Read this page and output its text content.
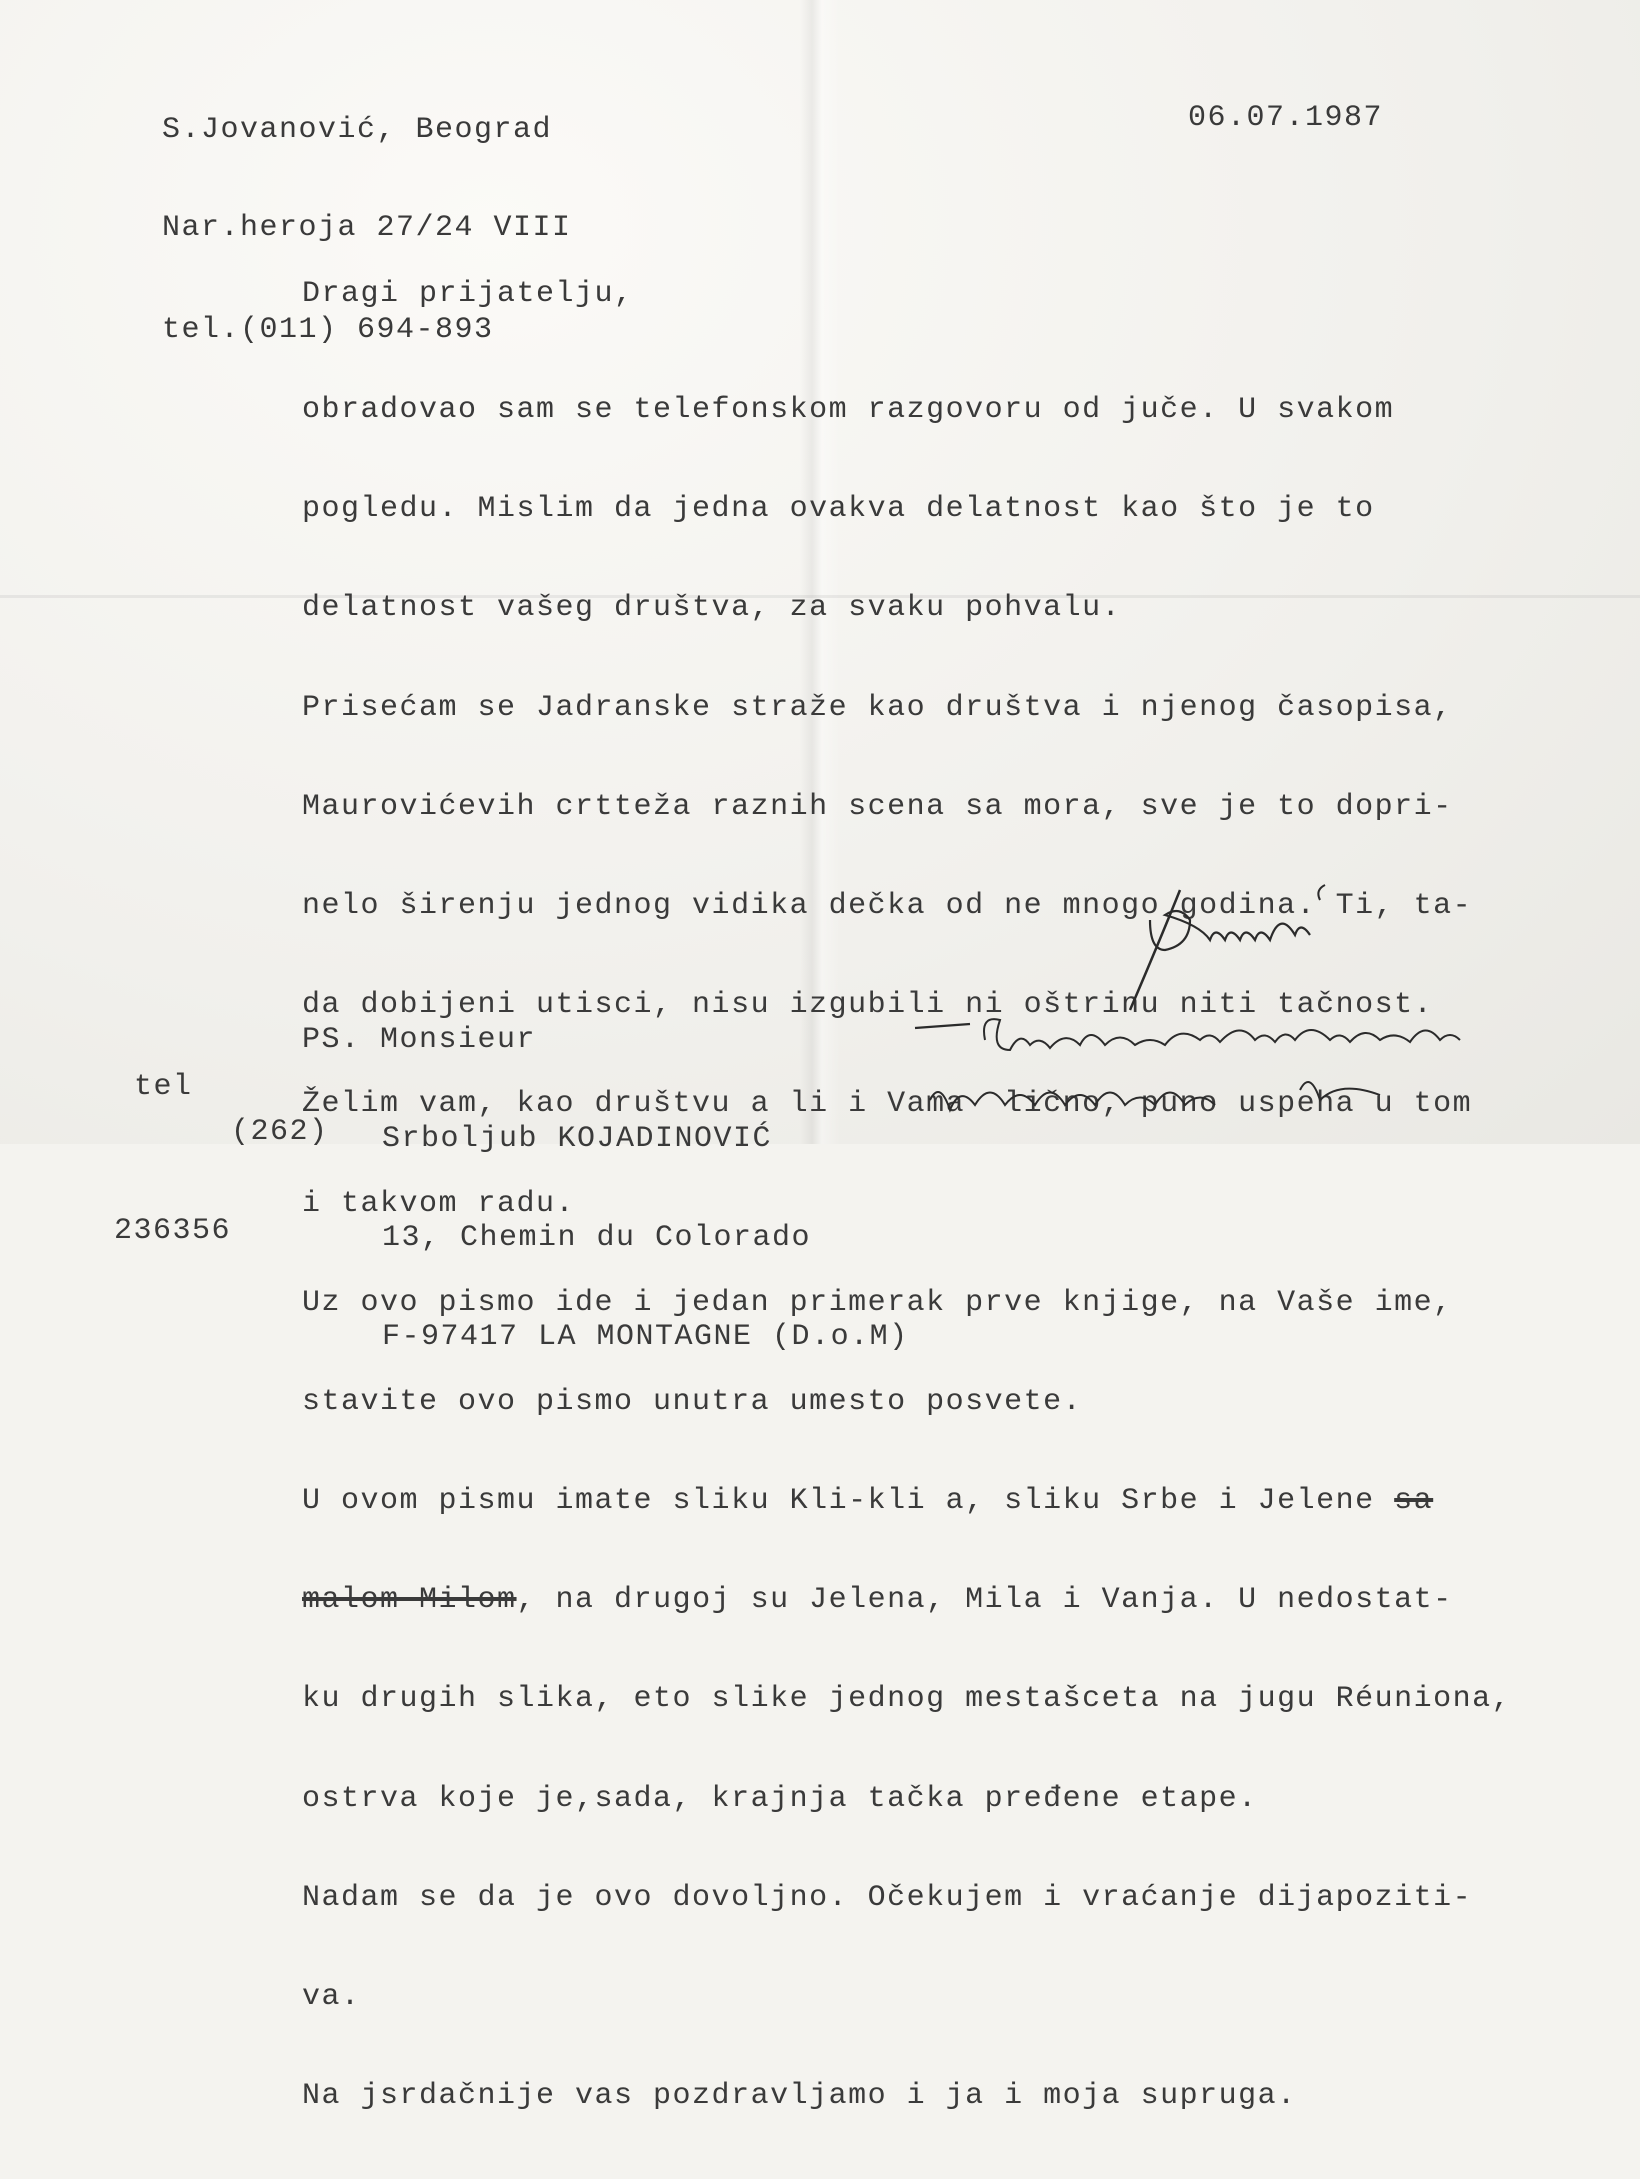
S.Jovanović, Beograd

Nar.heroja 27/24 VIII

tel.(011) 694-893

06.07.1987
Dragi prijatelju,

obradovao sam se telefonskom razgovoru od juče. U svakom

pogledu. Mislim da jedna ovakva delatnost kao što je to

delatnost vašeg društva, za svaku pohvalu.

Prisećam se Jadranske straže kao društva i njenog časopisa,

Maurovićevih crtteža raznih scena sa mora, sve je to dopri-

nelo širenju jednog vidika dečka od ne mnogo godina. Ti, ta-

da dobijeni utisci, nisu izgubili ni oštrinu niti tačnost.

Želim vam, kao društvu a li i Vama  lično, puno uspeha u tom

i takvom radu.

Uz ovo pismo ide i jedan primerak prve knjige, na Vaše ime,

stavite ovo pismo unutra umesto posvete.

U ovom pismu imate sliku Kli-kli a, sliku Srbe i Jelene sa

malom Milom, na drugoj su Jelena, Mila i Vanja. U nedostat-

ku drugih slika, eto slike jednog mestašceta na jugu Réuniona,

ostrva koje je,sada, krajnja tačka pređene etape.

Nadam se da je ovo dovoljno. Očekujem i vraćanje dijapoziti-

va.

Na jsrdačnije vas pozdravljamo i ja i moja supruga.

PS. Monsieur

Srboljub KOJADINOVIĆ

13, Chemin du Colorado

F-97417 LA MONTAGNE (D.o.M)

(262)

tel

236356
